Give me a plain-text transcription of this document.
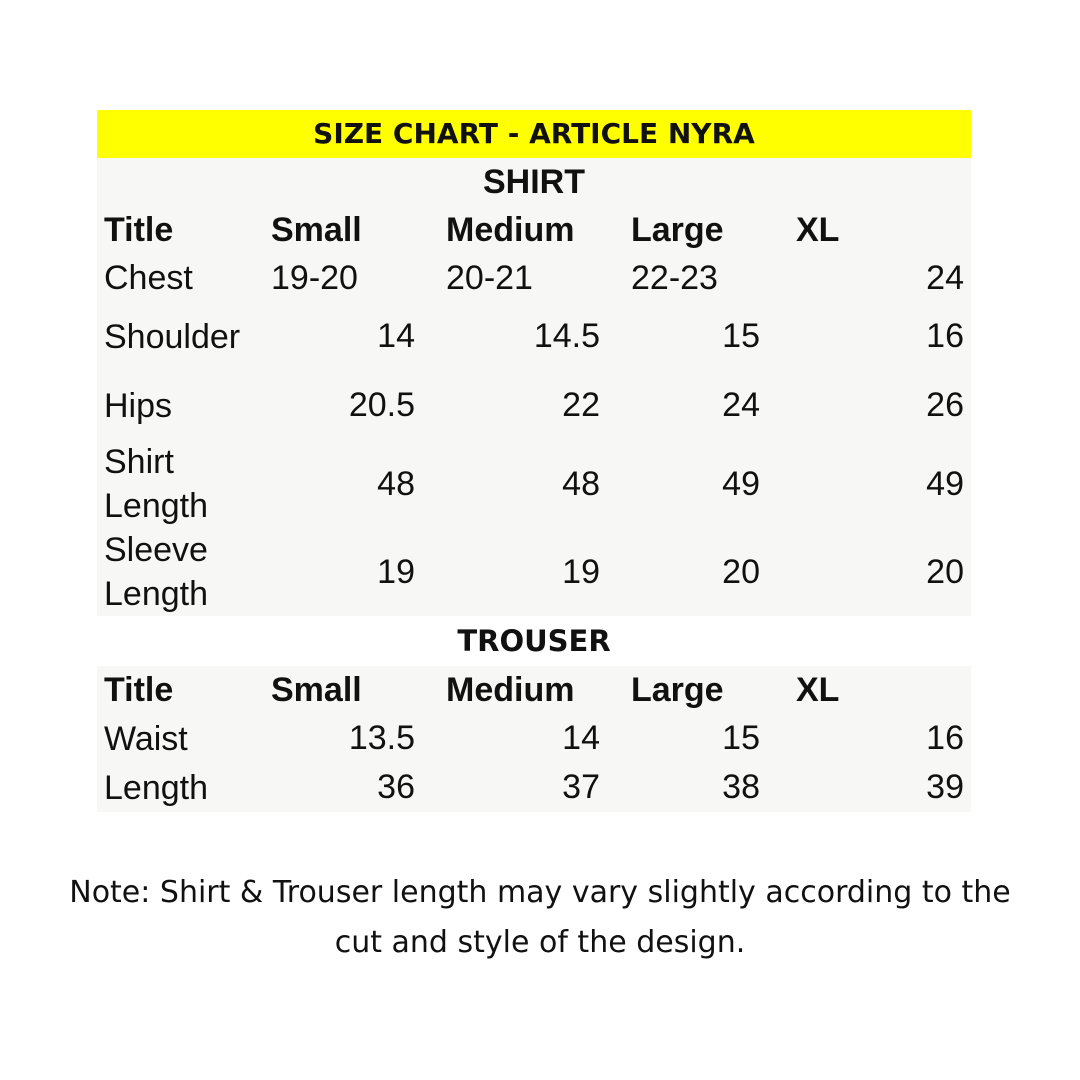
SIZE CHART - ARTICLE NYRA
SHIRT
Title	Small	Medium	Large	XL
Chest	19-20	20-21	22-23	24
Shoulder	14	14.5	15	16
Hips	20.5	22	24	26
Shirt Length	48	48	49	49
Sleeve Length	19	19	20	20
TROUSER
Title	Small	Medium	Large	XL
Waist	13.5	14	15	16
Length	36	37	38	39
Note: Shirt & Trouser length may vary slightly according to the cut and style of the design.
